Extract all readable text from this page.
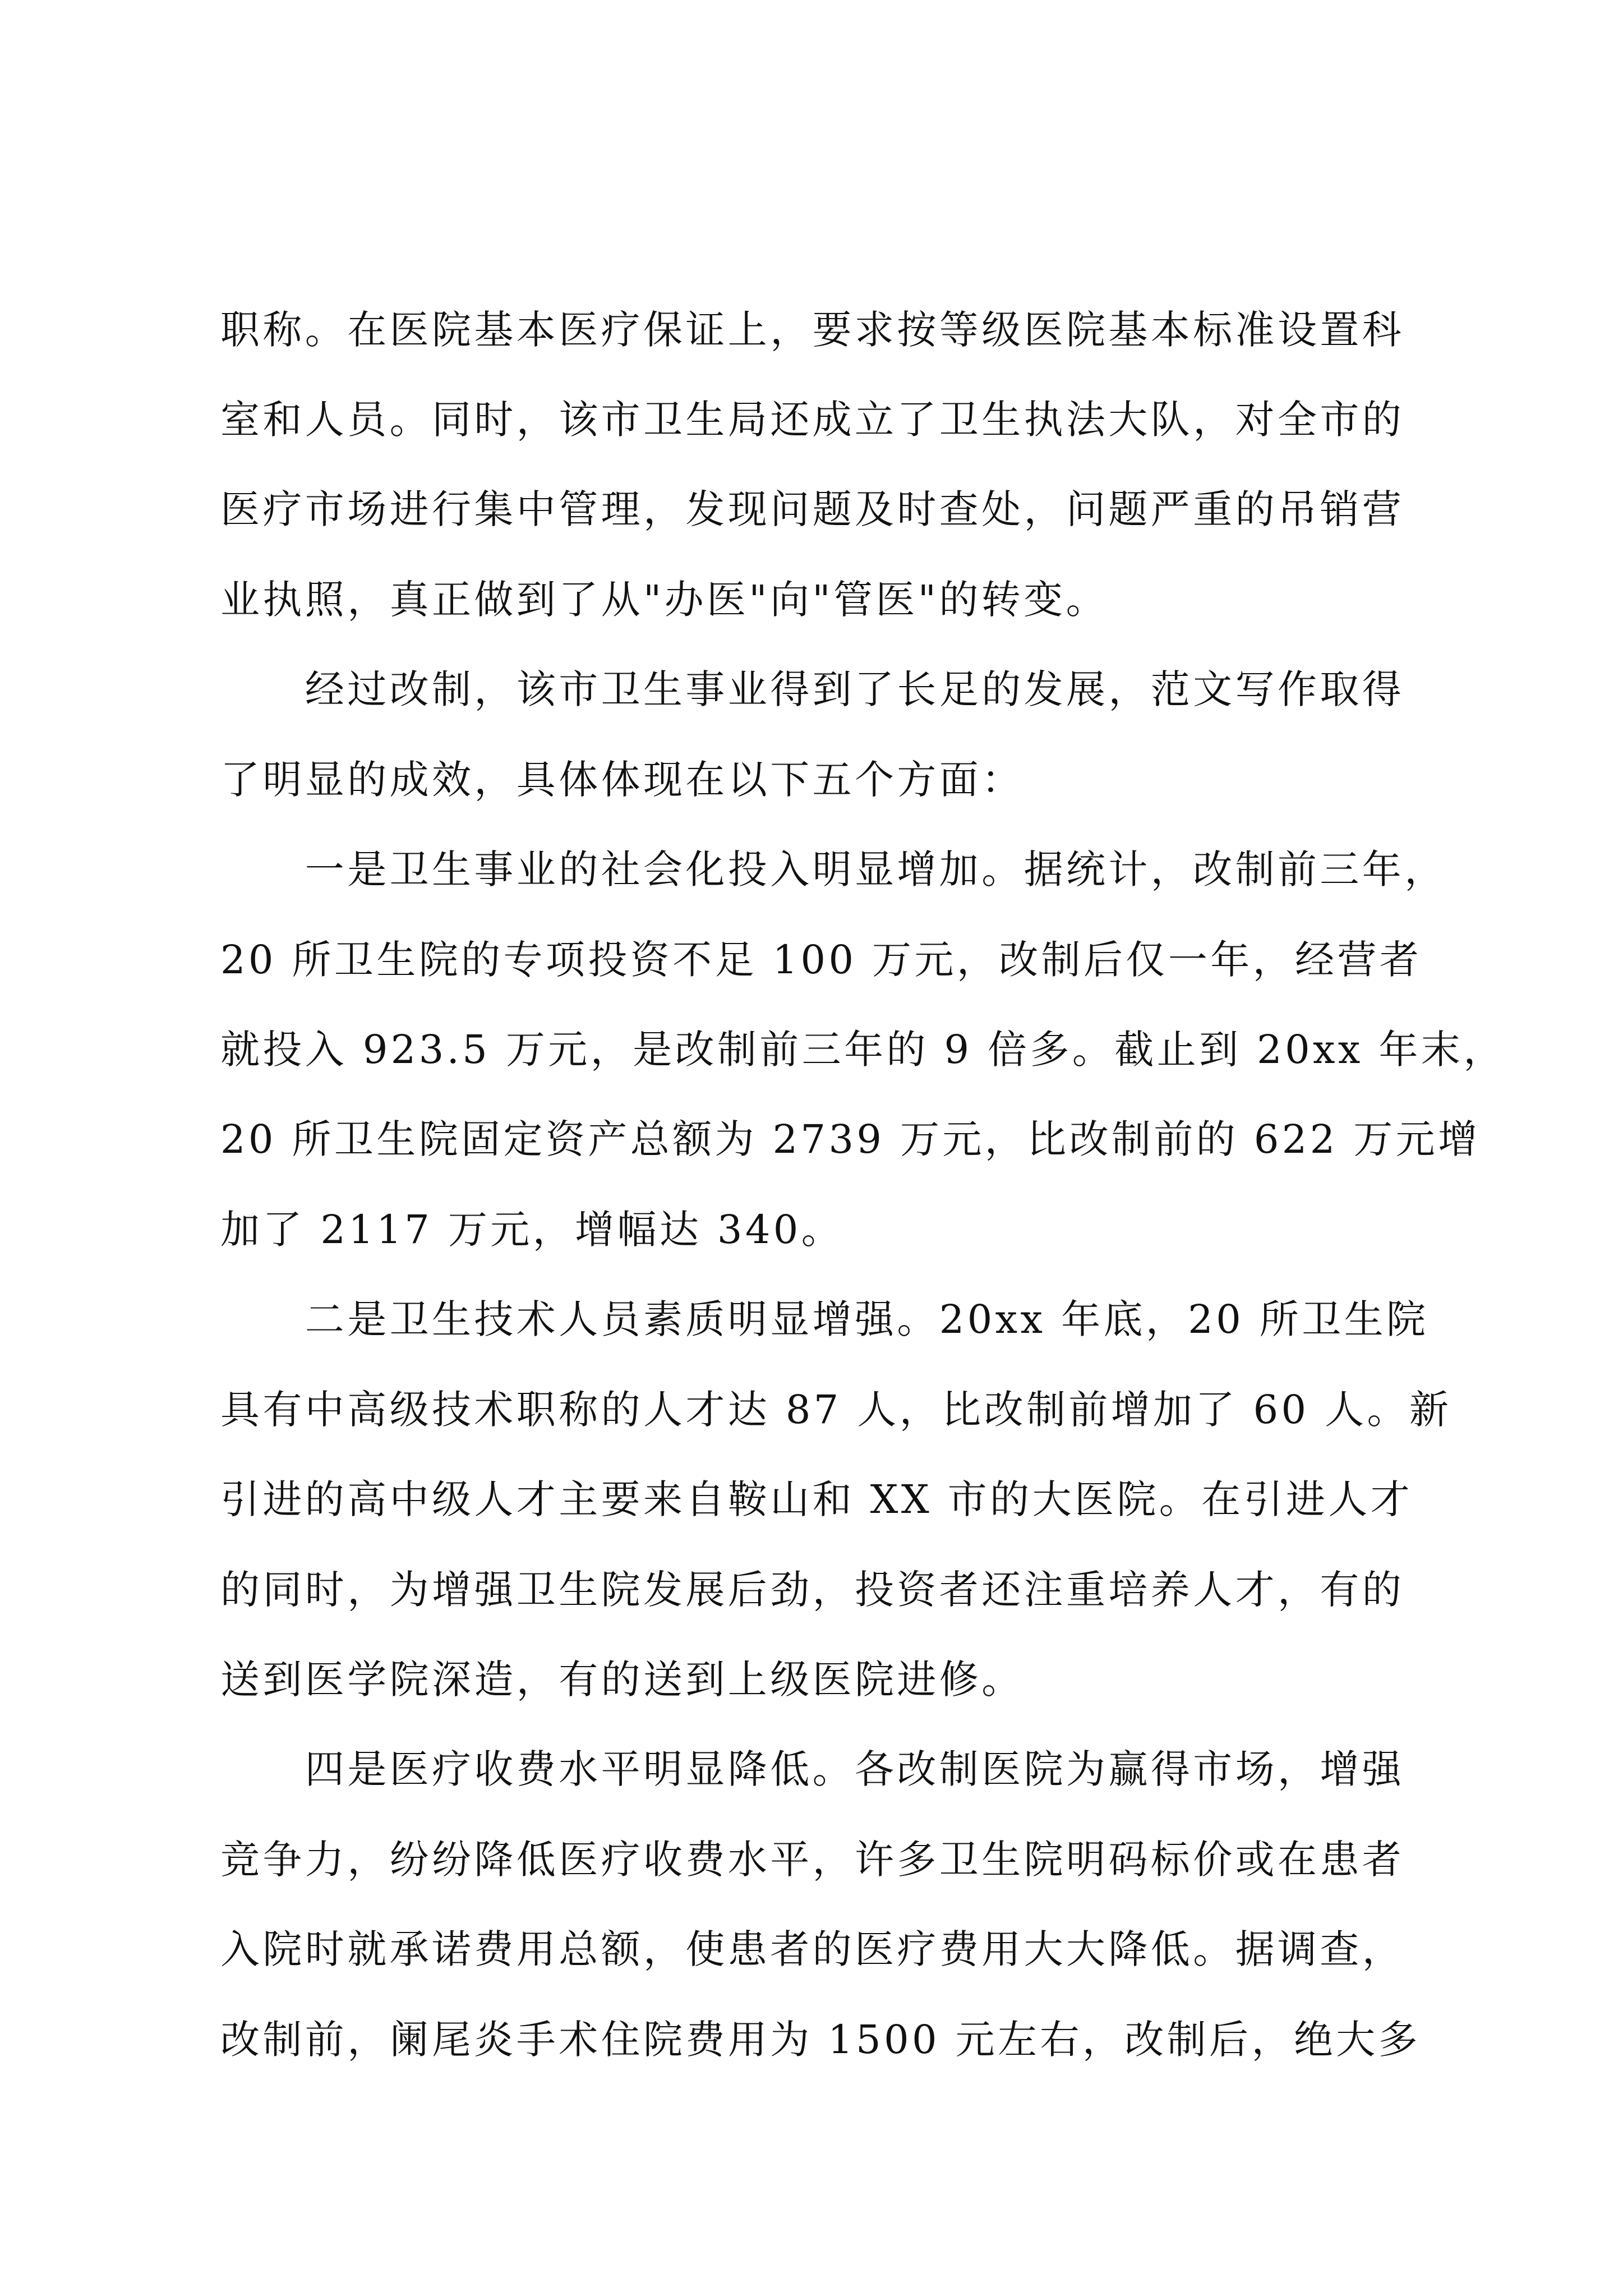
职称。在医院基本医疗保证上，要求按等级医院基本标准设置科
室和人员。同时，该市卫生局还成立了卫生执法大队，对全市的
医疗市场进行集中管理，发现问题及时查处，问题严重的吊销营
业执照，真正做到了从"办医"向"管医"的转变。
　　经过改制，该市卫生事业得到了长足的发展，范文写作取得
了明显的成效，具体体现在以下五个方面：
　　一是卫生事业的社会化投入明显增加。据统计，改制前三年，
20 所卫生院的专项投资不足 100 万元，改制后仅一年，经营者
就投入 923.5 万元，是改制前三年的 9 倍多。截止到 20xx 年末，
20 所卫生院固定资产总额为 2739 万元，比改制前的 622 万元增
加了 2117 万元，增幅达 340。
　　二是卫生技术人员素质明显增强。20xx 年底，20 所卫生院
具有中高级技术职称的人才达 87 人，比改制前增加了 60 人。新
引进的高中级人才主要来自鞍山和 XX 市的大医院。在引进人才
的同时，为增强卫生院发展后劲，投资者还注重培养人才，有的
送到医学院深造，有的送到上级医院进修。
　　四是医疗收费水平明显降低。各改制医院为赢得市场，增强
竞争力，纷纷降低医疗收费水平，许多卫生院明码标价或在患者
入院时就承诺费用总额，使患者的医疗费用大大降低。据调查，
改制前，阑尾炎手术住院费用为 1500 元左右，改制后，绝大多
